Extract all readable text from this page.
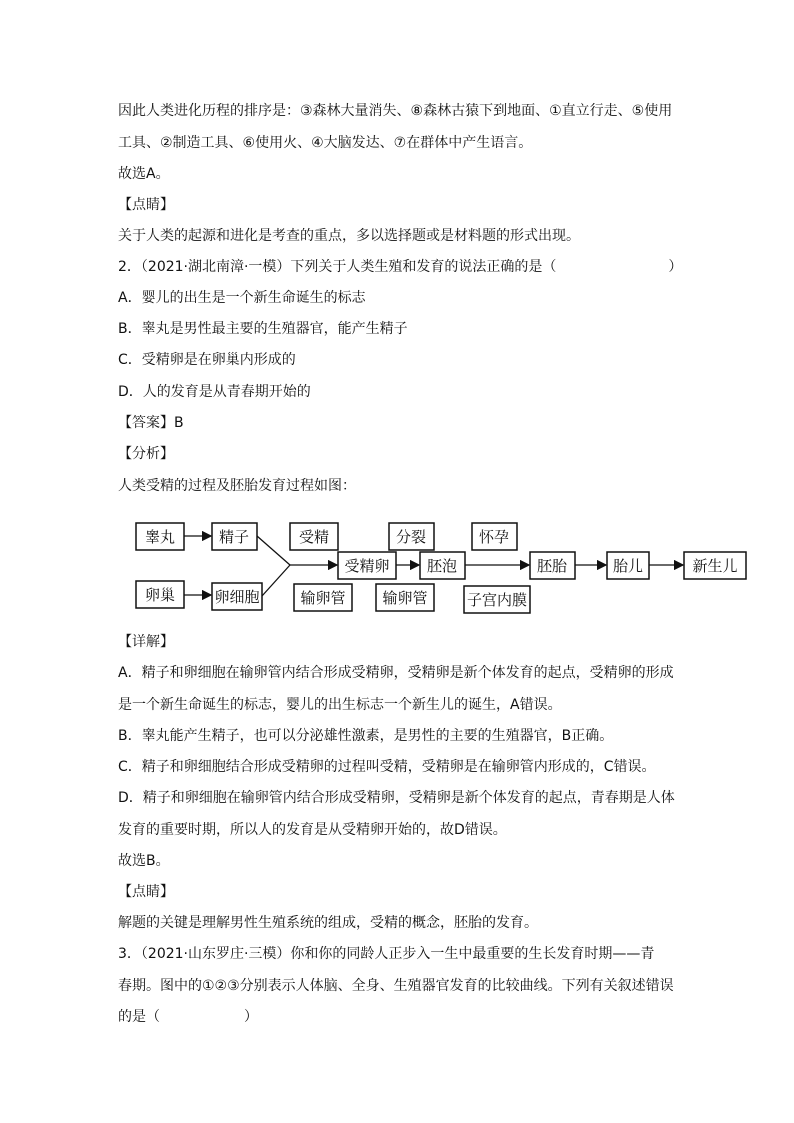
因此人类进化历程的排序是：③森林大量消失、⑧森林古猿下到地面、①直立行走、⑤使用
工具、②制造工具、⑥使用火、④大脑发达、⑦在群体中产生语言。
故选A。
【点睛】
关于人类的起源和进化是考查的重点，多以选择题或是材料题的形式出现。
2．（2021·湖北南漳·一模）下列关于人类生殖和发育的说法正确的是（　　　　　　　　）
A．婴儿的出生是一个新生命诞生的标志
B．睾丸是男性最主要的生殖器官，能产生精子
C．受精卵是在卵巢内形成的
D．人的发育是从青春期开始的
【答案】B
【分析】
人类受精的过程及胚胎发育过程如图：
睾丸	精子
卵巢	卵细胞
受精
受精卵
输卵管
分裂
胚泡
输卵管
怀孕
子宫内膜
胚胎	胎儿	新生儿
【详解】
A．精子和卵细胞在输卵管内结合形成受精卵，受精卵是新个体发育的起点，受精卵的形成
是一个新生命诞生的标志，婴儿的出生标志一个新生儿的诞生，A错误。
B．睾丸能产生精子，也可以分泌雄性激素，是男性的主要的生殖器官，B正确。
C．精子和卵细胞结合形成受精卵的过程叫受精，受精卵是在输卵管内形成的，C错误。
D．精子和卵细胞在输卵管内结合形成受精卵，受精卵是新个体发育的起点，青春期是人体
发育的重要时期，所以人的发育是从受精卵开始的，故D错误。
故选B。
【点睛】
解题的关键是理解男性生殖系统的组成，受精的概念，胚胎的发育。
3．（2021·山东罗庄·三模）你和你的同龄人正步入一生中最重要的生长发育时期——青
春期。图中的①②③分别表示人体脑、全身、生殖器官发育的比较曲线。下列有关叙述错误
的是（　　　　　　）
